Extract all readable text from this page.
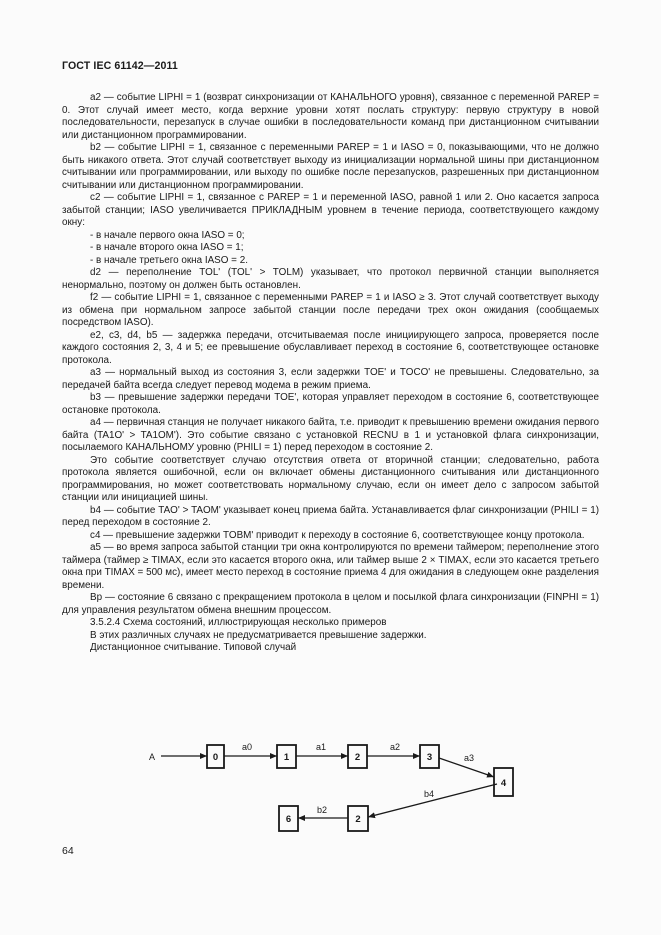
ГОСТ IEC 61142—2011

a2 — событие LIPHI = 1 (возврат синхронизации от КАНАЛЬНОГО уровня), связанное с переменной PAREP = 0. Этот случай имеет место, когда верхние уровни хотят послать структуру: первую структуру в новой последовательности, перезапуск в случае ошибки в последовательности команд при дистанционном считывании или дистанционном программировании.

b2 — событие LIPHI = 1, связанное с переменными PAREP = 1 и IASO = 0, показывающими, что не должно быть никакого ответа. Этот случай соответствует выходу из инициализации нормальной шины при дистанционном считывании или программировании, или выходу по ошибке после перезапусков, разрешенных при дистанционном считывании или дистанционном программировании.

c2 — событие LIPHI = 1, связанное с PAREP = 1 и переменной IASO, равной 1 или 2. Оно касается запроса забытой станции; IASO увеличивается ПРИКЛАДНЫМ уровнем в течение периода, соответствующего каждому окну:

- в начале первого окна IASO = 0;

- в начале второго окна IASO = 1;

- в начале третьего окна IASO = 2.

d2 — переполнение TOL' (TOL' > TOLM) указывает, что протокол первичной станции выполняется ненормально, поэтому он должен быть остановлен.

f2 — событие LIPHI = 1, связанное с переменными PAREP = 1 и IASO ≥ 3. Этот случай соответствует выходу из обмена при нормальном запросе забытой станции после передачи трех окон ожидания (сообщаемых посредством IASO).

e2, c3, d4, b5 — задержка передачи, отсчитываемая после инициирующего запроса, проверяется после каждого состояния 2, 3, 4 и 5; ее превышение обуславливает переход в состояние 6, соответствующее остановке протокола.

a3 — нормальный выход из состояния 3, если задержки TOE' и TOCO' не превышены. Следовательно, за передачей байта всегда следует перевод модема в режим приема.

b3 — превышение задержки передачи TOE', которая управляет переходом в состояние 6, соответствующее остановке протокола.

a4 — первичная станция не получает никакого байта, т.е. приводит к превышению времени ожидания первого байта (TA1O' > TA1OM'). Это событие связано с установкой RECNU в 1 и установкой флага синхронизации, посылаемого КАНАЛЬНОМУ уровню (PHILI = 1) перед переходом в состояние 2.

Это событие соответствует случаю отсутствия ответа от вторичной станции; следовательно, работа протокола является ошибочной, если он включает обмены дистанционного считывания или дистанционного программирования, но может соответствовать нормальному случаю, если он имеет дело с запросом забытой станции или инициацией шины.

b4 — событие TAO' > TAOM' указывает конец приема байта. Устанавливается флаг синхронизации (PHILI = 1) перед переходом в состояние 2.

c4 — превышение задержки TOBM' приводит к переходу в состояние 6, соответствующее концу протокола.

a5 — во время запроса забытой станции три окна контролируются по времени таймером; переполнение этого таймера (таймер ≥ TIMAX, если это касается второго окна, или таймер выше 2 × TIMAX, если это касается третьего окна при TIMAX = 500 мс), имеет место переход в состояние приема 4 для ожидания в следующем окне разделения времени.

Bp — состояние 6 связано с прекращением протокола в целом и посылкой флага синхронизации (FINPHI = 1) для управления результатом обмена внешним процессом.

3.5.2.4 Схема состояний, иллюстрирующая несколько примеров

В этих различных случаях не предусматривается превышение задержки.

Дистанционное считывание. Типовой случай

0	1	2	3
4
2
6
A
a0	a1	a2
a3
b4
b2
64
